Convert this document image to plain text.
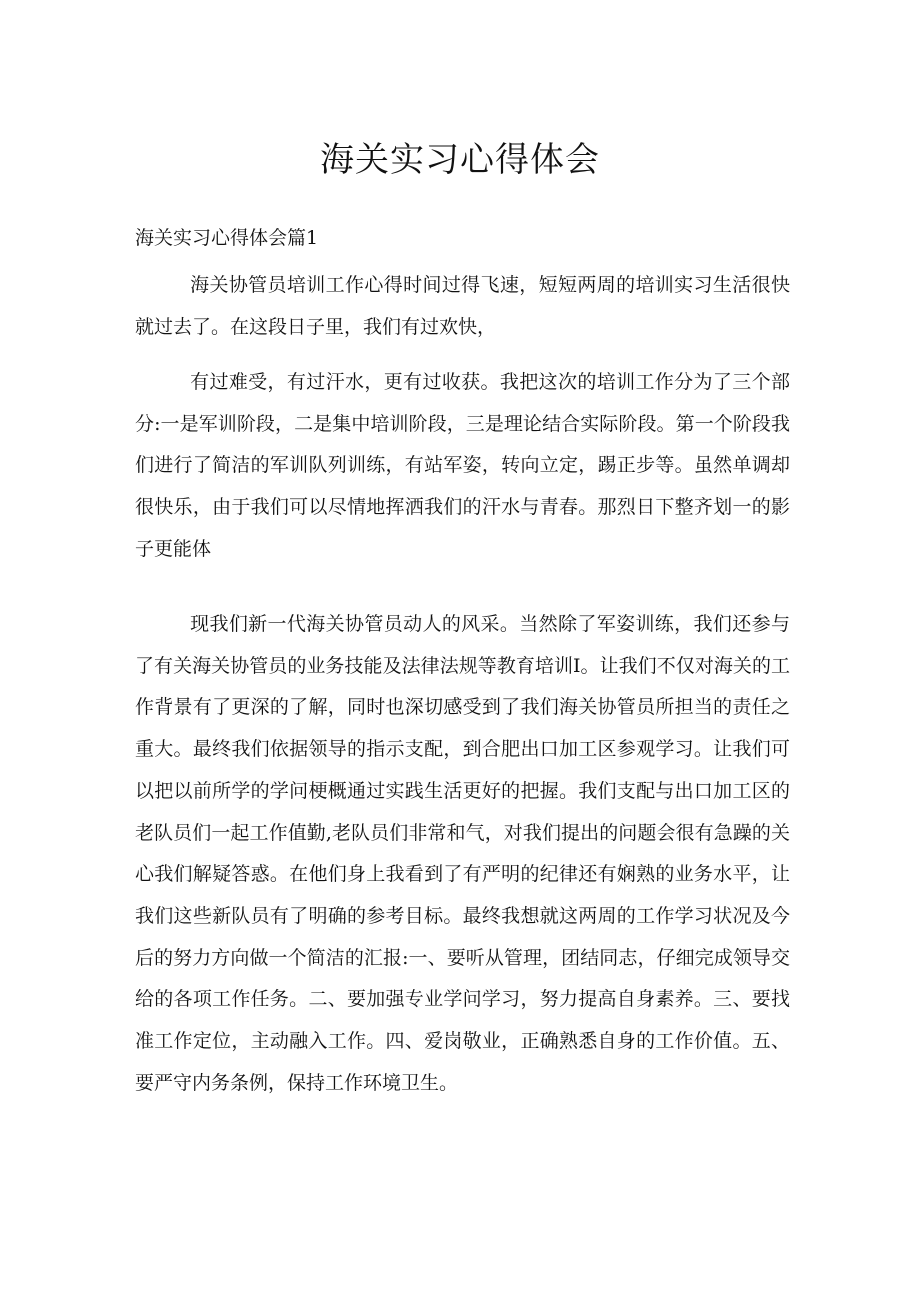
海关实习心得体会
海关实习心得体会篇1

海关协管员培训工作心得时间过得飞速，短短两周的培训实习生活很快就过去了。在这段日子里，我们有过欢快，

有过难受，有过汗水，更有过收获。我把这次的培训工作分为了三个部分:一是军训阶段，二是集中培训阶段，三是理论结合实际阶段。第一个阶段我们进行了简洁的军训队列训练，有站军姿，转向立定，踢正步等。虽然单调却很快乐，由于我们可以尽情地挥洒我们的汗水与青春。那烈日下整齐划一的影子更能体

现我们新一代海关协管员动人的风采。当然除了军姿训练，我们还参与了有关海关协管员的业务技能及法律法规等教育培训I。让我们不仅对海关的工作背景有了更深的了解，同时也深切感受到了我们海关协管员所担当的责任之重大。最终我们依据领导的指示支配，到合肥出口加工区参观学习。让我们可以把以前所学的学问梗概通过实践生活更好的把握。我们支配与出口加工区的老队员们一起工作值勤,老队员们非常和气，对我们提出的问题会很有急躁的关心我们解疑答惑。在他们身上我看到了有严明的纪律还有娴熟的业务水平，让我们这些新队员有了明确的参考目标。最终我想就这两周的工作学习状况及今后的努力方向做一个简洁的汇报:一、要听从管理，团结同志，仔细完成领导交给的各项工作任务。二、要加强专业学问学习，努力提高自身素养。三、要找准工作定位，主动融入工作。四、爱岗敬业，正确熟悉自身的工作价值。五、要严守内务条例，保持工作环境卫生。
